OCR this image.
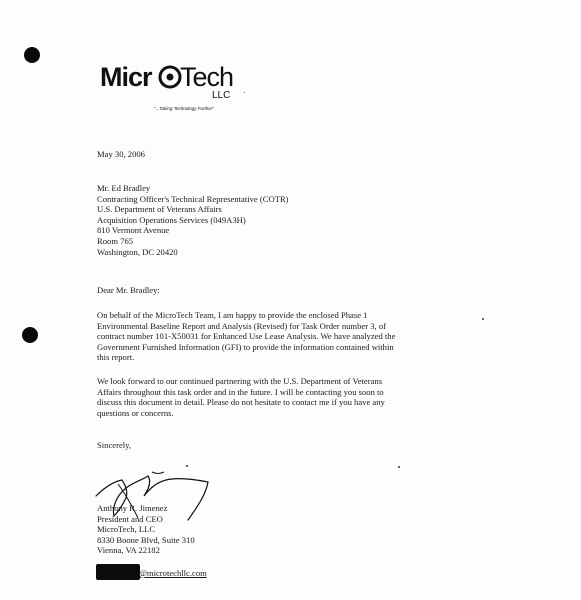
Micr Tech
LLC
"...Taking Technology Further"
May 30, 2006
Mr. Ed Bradley
Contracting Officer's Technical Representative (COTR)
U.S. Department of Veterans Affairs
Acquisition Operations Services (049A3H)
810 Vermont Avenue
Room 765
Washington, DC 20420
Dear Mr. Bradley:
On behalf of the MicroTech Team, I am happy to provide the enclosed Phase 1
Environmental Baseline Report and Analysis (Revised) for Task Order number 3, of
contract number 101-X50031 for Enhanced Use Lease Analysis. We have analyzed the
Government Furnished Information (GFI) to provide the information contained within
this report.
We look forward to our continued partnering with the U.S. Department of Veterans
Affairs throughout this task order and in the future. I will be contacting you soon to
discuss this document in detail. Please do not hesitate to contact me if you have any
questions or concerns.
Sincerely,
Anthony R. Jimenez
President and CEO
MicroTech, LLC
8330 Boone Blvd, Suite 310
Vienna, VA 22182
@microtechllc.com
